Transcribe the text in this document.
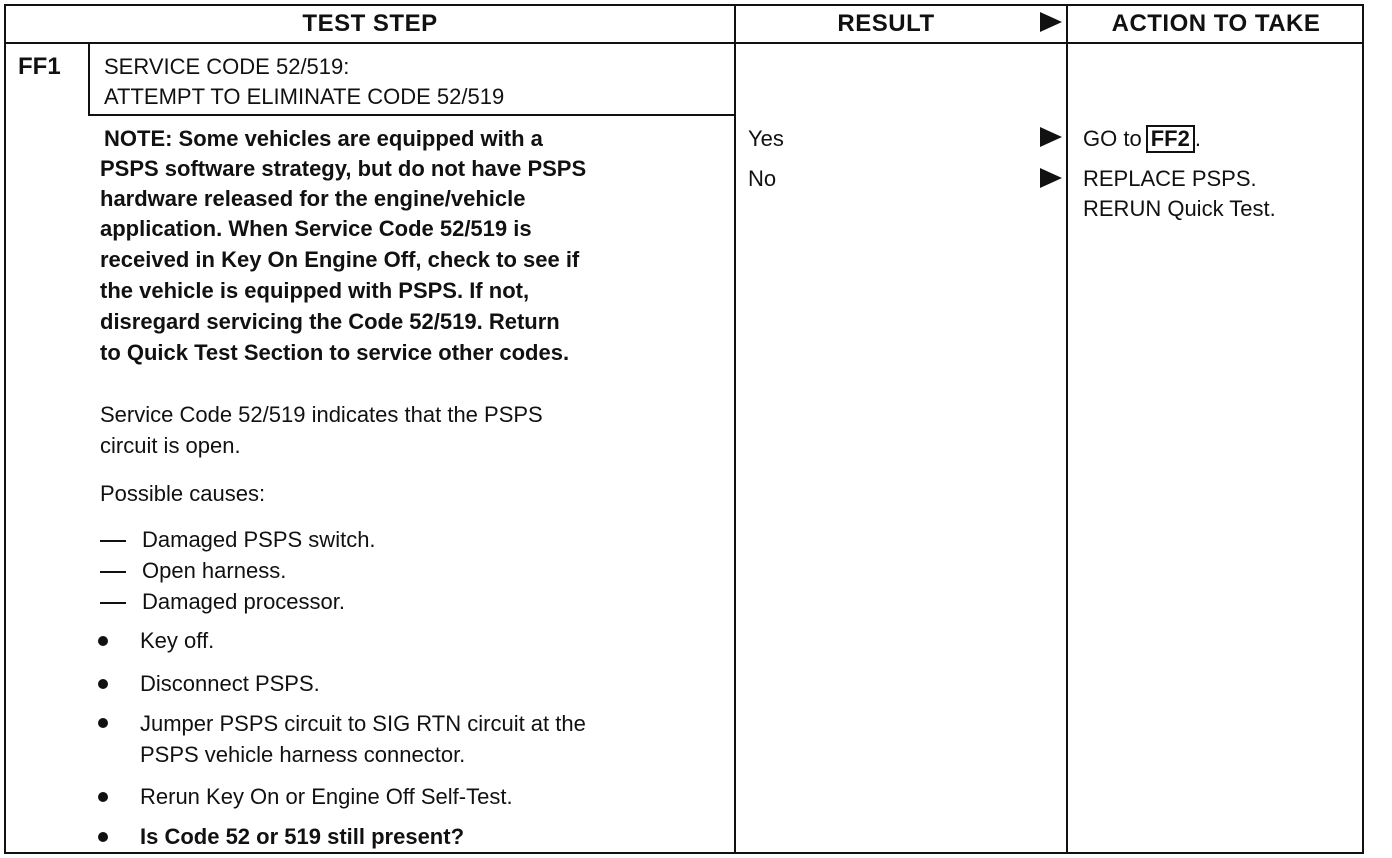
TEST STEP	RESULT	ACTION TO TAKE
FF1 SERVICE CODE 52/519:
ATTEMPT TO ELIMINATE CODE 52/519
NOTE: Some vehicles are equipped with a
PSPS software strategy, but do not have PSPS
hardware released for the engine/vehicle
application. When Service Code 52/519 is
received in Key On Engine Off, check to see if
the vehicle is equipped with PSPS. If not,
disregard servicing the Code 52/519. Return
to Quick Test Section to service other codes.
Service Code 52/519 indicates that the PSPS
circuit is open.
Possible causes:
Damaged PSPS switch.
Open harness.
Damaged processor.
Key off.
Disconnect PSPS.
Jumper PSPS circuit to SIG RTN circuit at the
PSPS vehicle harness connector.
Rerun Key On or Engine Off Self-Test.
Is Code 52 or 519 still present?
Yes
No
GO to FF2 .
REPLACE PSPS.
RERUN Quick Test.
